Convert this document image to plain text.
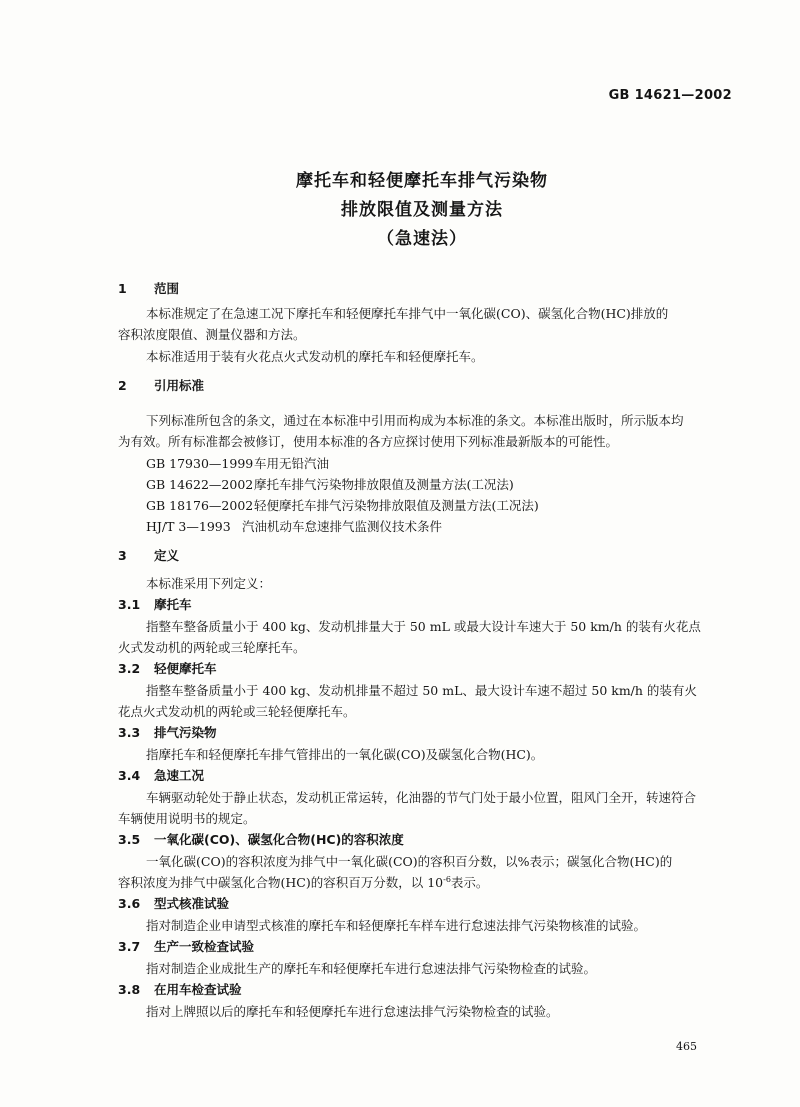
GB 14621—2002
摩托车和轻便摩托车排气污染物
排放限值及测量方法
（急速法）
1 范围
本标准规定了在急速工况下摩托车和轻便摩托车排气中一氧化碳(CO)、碳氢化合物(HC)排放的
容积浓度限值、测量仪器和方法。
本标准适用于装有火花点火式发动机的摩托车和轻便摩托车。
2 引用标准
下列标准所包含的条文，通过在本标准中引用而构成为本标准的条文。本标准出版时，所示版本均
为有效。所有标准都会被修订，使用本标准的各方应探讨使用下列标准最新版本的可能性。
GB 17930—1999车用无铅汽油
GB 14622—2002摩托车排气污染物排放限值及测量方法(工况法)
GB 18176—2002轻便摩托车排气污染物排放限值及测量方法(工况法)
HJ/T 3—1993 汽油机动车怠速排气监测仪技术条件
3 定义
本标准采用下列定义：
3.1 摩托车
指整车整备质量小于 400 kg、发动机排量大于 50 mL 或最大设计车速大于 50 km/h 的装有火花点
火式发动机的两轮或三轮摩托车。
3.2 轻便摩托车
指整车整备质量小于 400 kg、发动机排量不超过 50 mL、最大设计车速不超过 50 km/h 的装有火
花点火式发动机的两轮或三轮轻便摩托车。
3.3 排气污染物
指摩托车和轻便摩托车排气管排出的一氧化碳(CO)及碳氢化合物(HC)。
3.4 急速工况
车辆驱动轮处于静止状态，发动机正常运转，化油器的节气门处于最小位置，阻风门全开，转速符合
车辆使用说明书的规定。
3.5 一氧化碳(CO)、碳氢化合物(HC)的容积浓度
一氧化碳(CO)的容积浓度为排气中一氧化碳(CO)的容积百分数，以%表示；碳氢化合物(HC)的
容积浓度为排气中碳氢化合物(HC)的容积百万分数，以 $10^{-6}$表示。
3.6 型式核准试验
指对制造企业申请型式核准的摩托车和轻便摩托车样车进行怠速法排气污染物核准的试验。
3.7 生产一致检查试验
指对制造企业成批生产的摩托车和轻便摩托车进行怠速法排气污染物检查的试验。
3.8 在用车检查试验
指对上牌照以后的摩托车和轻便摩托车进行怠速法排气污染物检查的试验。
465
